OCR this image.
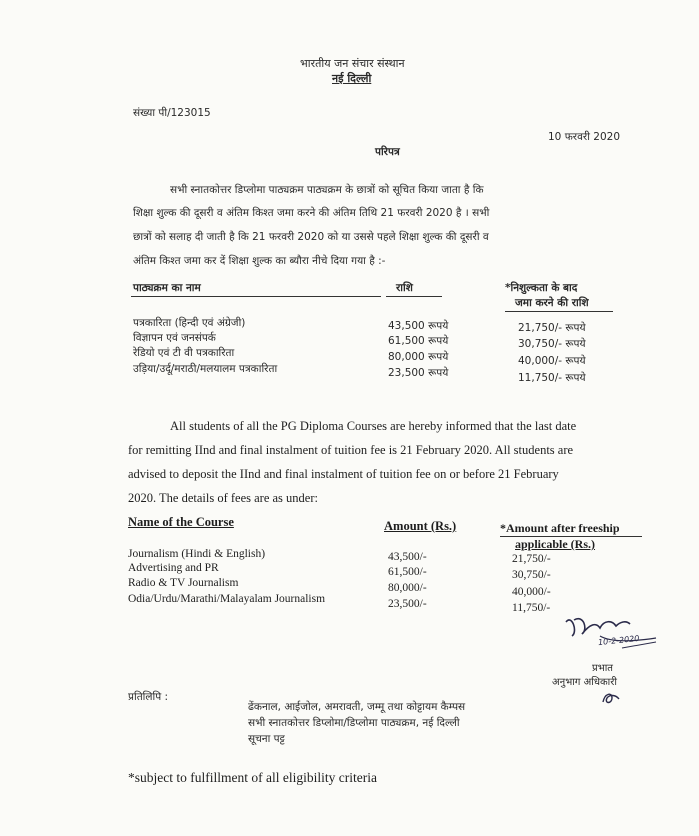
भारतीय जन संचार संस्थान
नई दिल्ली
संख्या पी/123015
10 फरवरी 2020
परिपत्र
सभी स्नातकोत्तर डिप्लोमा पाठ्यक्रम पाठ्यक्रम के छात्रों को सूचित किया जाता है कि
शिक्षा शुल्क की दूसरी व अंतिम किश्त जमा करने की अंतिम तिथि 21 फरवरी 2020 है । सभी
छात्रों को सलाह दी जाती है कि 21 फरवरी 2020 को या उससे पहले शिक्षा शुल्क की दूसरी व
अंतिम किश्त जमा कर दें शिक्षा शुल्क का ब्यौरा नीचे दिया गया है :-
पाठ्यक्रम का नाम	राशि	*निशुल्कता के बाद
जमा करने की राशि
पत्रकारिता (हिन्दी एवं अंग्रेजी)	43,500 रूपये	21,750/- रूपये
विज्ञापन एवं जनसंपर्क	61,500 रूपये	30,750/- रूपये
रेडियो एवं टी वी पत्रकारिता	80,000 रूपये	40,000/- रूपये
उड़िया/उर्दू/मराठी/मलयालम पत्रकारिता	23,500 रूपये	11,750/- रूपये
All students of all the PG Diploma Courses are hereby informed that the last date
for remitting IInd and final instalment of tuition fee is 21 February 2020. All students are
advised to deposit the IInd and final instalment of tuition fee on or before 21 February
2020. The details of fees are as under:
Name of the Course	Amount (Rs.)	*Amount after freeship
applicable (Rs.)
Journalism (Hindi & English)	43,500/-	21,750/-
Advertising and PR	61,500/-	30,750/-
Radio & TV Journalism	80,000/-	40,000/-
Odia/Urdu/Marathi/Malayalam Journalism	23,500/-	11,750/-
10-2-2020
प्रभात
अनुभाग अधिकारी
प्रतिलिपि :
ढेंकनाल, आईजोल, अमरावती, जम्मू तथा कोट्टायम कैम्पस
सभी स्नातकोत्तर डिप्लोमा/डिप्लोमा पाठ्यक्रम, नई दिल्ली
सूचना पट्ट
*subject to fulfillment of all eligibility criteria
